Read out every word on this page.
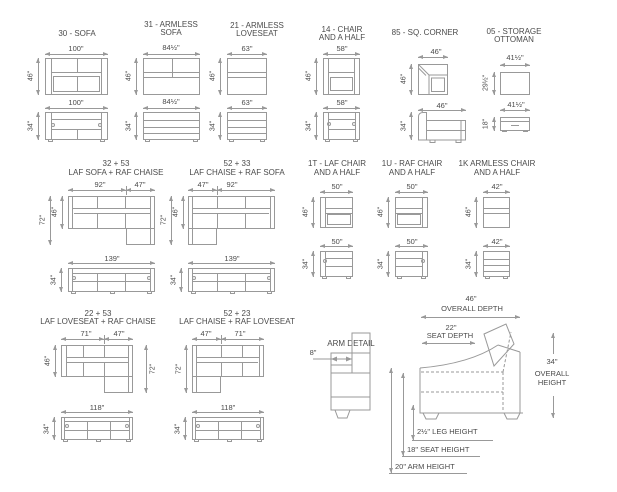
30 - SOFA
100"
46"
100"
34"
31 - ARMLESS
SOFA
84½"
46"
84½"
34"
21 - ARMLESS
LOVESEAT
63"
46"
63"
34"
14 - CHAIR
AND A HALF
58"
46"
58"
34"
85 - SQ. CORNER
46"
46"
46"
34"
05 - STORAGE
OTTOMAN
41½"
29½"
41½"
18"
32 + 53
LAF SOFA + RAF CHAISE
92"	47"
46"
72"
139"
34"
52 + 33
LAF CHAISE + RAF SOFA
47" 92"
46"
72"
139"
34"
1T - LAF CHAIR
AND A HALF
50"
46"
50"
34"
1U - RAF CHAIR
AND A HALF
50"
46"
50"
34"
1K ARMLESS CHAIR
AND A HALF
42"
46"
42"
34"
22 + 53
LAF LOVESEAT + RAF CHAISE
71"	47"
46"
72"
118"
34"
52 + 23
LAF CHAISE + RAF LOVESEAT
47"	71"
72"
118"
34"
ARM DETAIL
8"
46"
OVERALL DEPTH
22"
SEAT DEPTH
34"
OVERALL
HEIGHT
2½" LEG HEIGHT
18" SEAT HEIGHT
20" ARM HEIGHT
